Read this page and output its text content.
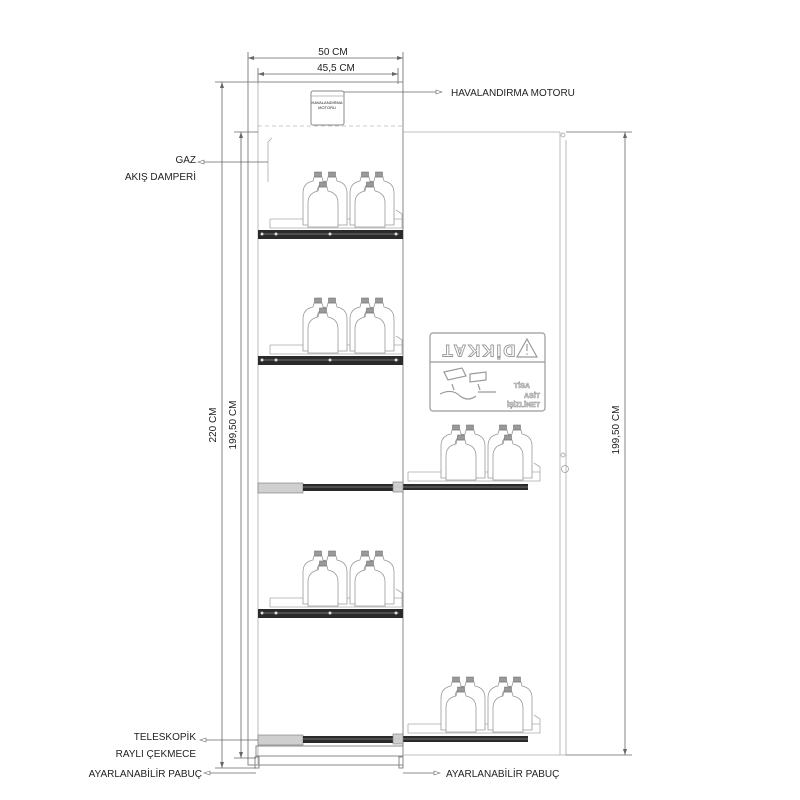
50 CM
45,5 CM
HAVALANDIRMA
MOTORU
DİKKAT
TİSA
ASİT
İŞİZLİNET
220 CM 199,50 CM	199,50 CM
HAVALANDIRMA MOTORU
GAZ
AKIŞ DAMPERİ
TELESKOPİK
RAYLI ÇEKMECE
AYARLANABİLİR PABUÇ	AYARLANABİLİR PABUÇ
